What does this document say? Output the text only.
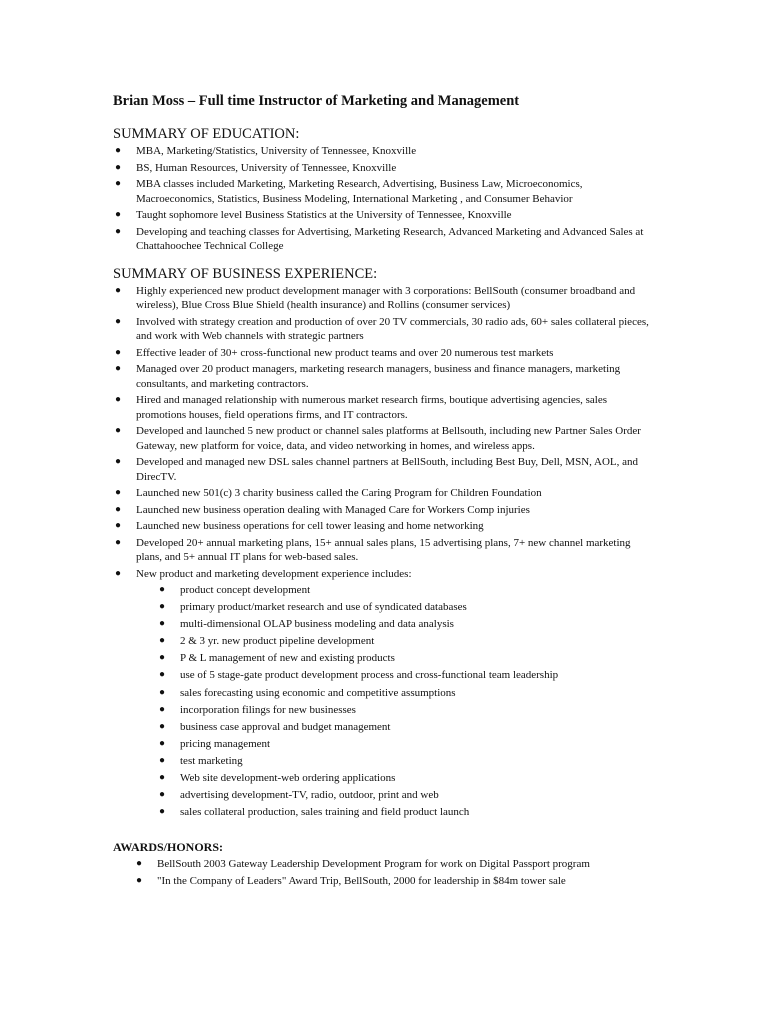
Brian Moss – Full time Instructor of Marketing and Management
SUMMARY OF EDUCATION:
● MBA, Marketing/Statistics, University of Tennessee, Knoxville
● BS, Human Resources, University of Tennessee, Knoxville
● MBA classes included Marketing, Marketing Research, Advertising, Business Law, Microeconomics, Macroeconomics, Statistics, Business Modeling, International Marketing , and Consumer Behavior
● Taught sophomore level Business Statistics at the University of Tennessee, Knoxville
● Developing and teaching classes for Advertising, Marketing Research, Advanced Marketing and Advanced Sales at Chattahoochee Technical College
SUMMARY OF BUSINESS EXPERIENCE:
● Highly experienced new product development manager with 3 corporations: BellSouth (consumer broadband and wireless), Blue Cross Blue Shield (health insurance) and Rollins (consumer services)
● Involved with strategy creation and production of over 20 TV commercials, 30 radio ads, 60+ sales collateral pieces, and work with Web channels with strategic partners
● Effective leader of 30+ cross-functional new product teams and over 20 numerous test markets
● Managed over 20 product managers, marketing research managers, business and finance managers, marketing consultants, and marketing contractors.
● Hired and managed relationship with numerous market research firms, boutique advertising agencies, sales promotions houses, field operations firms, and IT contractors.
● Developed and launched 5 new product or channel sales platforms at Bellsouth, including new Partner Sales Order Gateway, new platform for voice, data, and video networking in homes, and wireless apps.
● Developed and managed new DSL sales channel partners at BellSouth, including Best Buy, Dell, MSN, AOL, and DirecTV.
● Launched new 501(c) 3 charity business called the Caring Program for Children Foundation
● Launched new business operation dealing with Managed Care for Workers Comp injuries
● Launched new business operations for cell tower leasing and home networking
● Developed 20+ annual marketing plans, 15+ annual sales plans, 15 advertising plans, 7+ new channel marketing plans, and 5+ annual IT plans for web-based sales.
● New product and marketing development experience includes:
● product concept development
● primary product/market research and use of syndicated databases
● multi-dimensional OLAP business modeling and data analysis
● 2 & 3 yr. new product pipeline development
● P & L management of new and existing products
● use of 5 stage-gate product development process and cross-functional team leadership
● sales forecasting using economic and competitive assumptions
● incorporation filings for new businesses
● business case approval and budget management
● pricing management
● test marketing
● Web site development-web ordering applications
● advertising development-TV, radio, outdoor, print and web
● sales collateral production, sales training and field product launch
AWARDS/HONORS:
● BellSouth 2003 Gateway Leadership Development Program for work on Digital Passport program
● "In the Company of Leaders" Award Trip, BellSouth, 2000 for leadership in $84m tower sale
